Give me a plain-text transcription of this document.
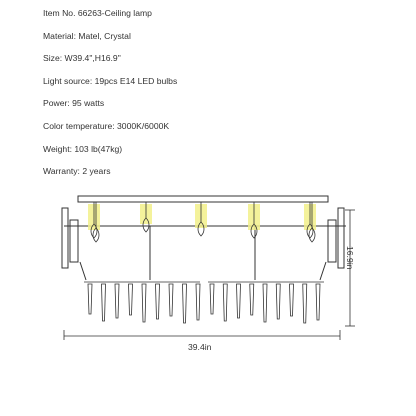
Item No. 66263-Ceiling lamp
Material: Matel, Crystal
Size: W39.4",H16.9"
Light source: 19pcs E14 LED bulbs
Power: 95 watts
Color temperature: 3000K/6000K
Weight: 103 lb(47kg)
Warranty: 2 years
39.4in
16.9in
